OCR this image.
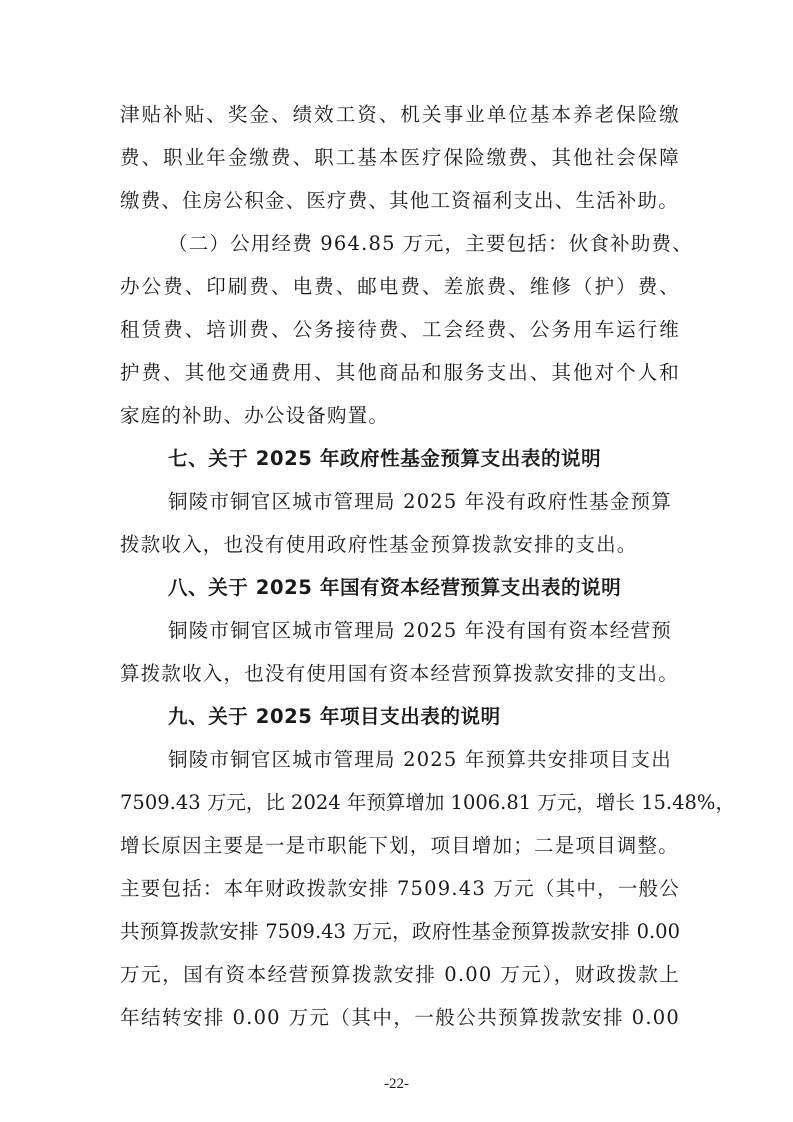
津贴补贴、奖金、绩效工资、机关事业单位基本养老保险缴
费、职业年金缴费、职工基本医疗保险缴费、其他社会保障
缴费、住房公积金、医疗费、其他工资福利支出、生活补助。
（二）公用经费 964.85 万元，主要包括：伙食补助费、
办公费、印刷费、电费、邮电费、差旅费、维修（护）费、
租赁费、培训费、公务接待费、工会经费、公务用车运行维
护费、其他交通费用、其他商品和服务支出、其他对个人和
家庭的补助、办公设备购置。
七、关于 2025 年政府性基金预算支出表的说明
铜陵市铜官区城市管理局 2025 年没有政府性基金预算
拨款收入，也没有使用政府性基金预算拨款安排的支出。
八、关于 2025 年国有资本经营预算支出表的说明
铜陵市铜官区城市管理局 2025 年没有国有资本经营预
算拨款收入，也没有使用国有资本经营预算拨款安排的支出。
九、关于 2025 年项目支出表的说明
铜陵市铜官区城市管理局 2025 年预算共安排项目支出
7509.43 万元，比 2024 年预算增加 1006.81 万元，增长 15.48%，
增长原因主要是一是市职能下划，项目增加；二是项目调整。
主要包括：本年财政拨款安排 7509.43 万元（其中，一般公
共预算拨款安排 7509.43 万元，政府性基金预算拨款安排 0.00
万元，国有资本经营预算拨款安排 0.00 万元），财政拨款上
年结转安排 0.00 万元（其中，一般公共预算拨款安排 0.00
-22-
